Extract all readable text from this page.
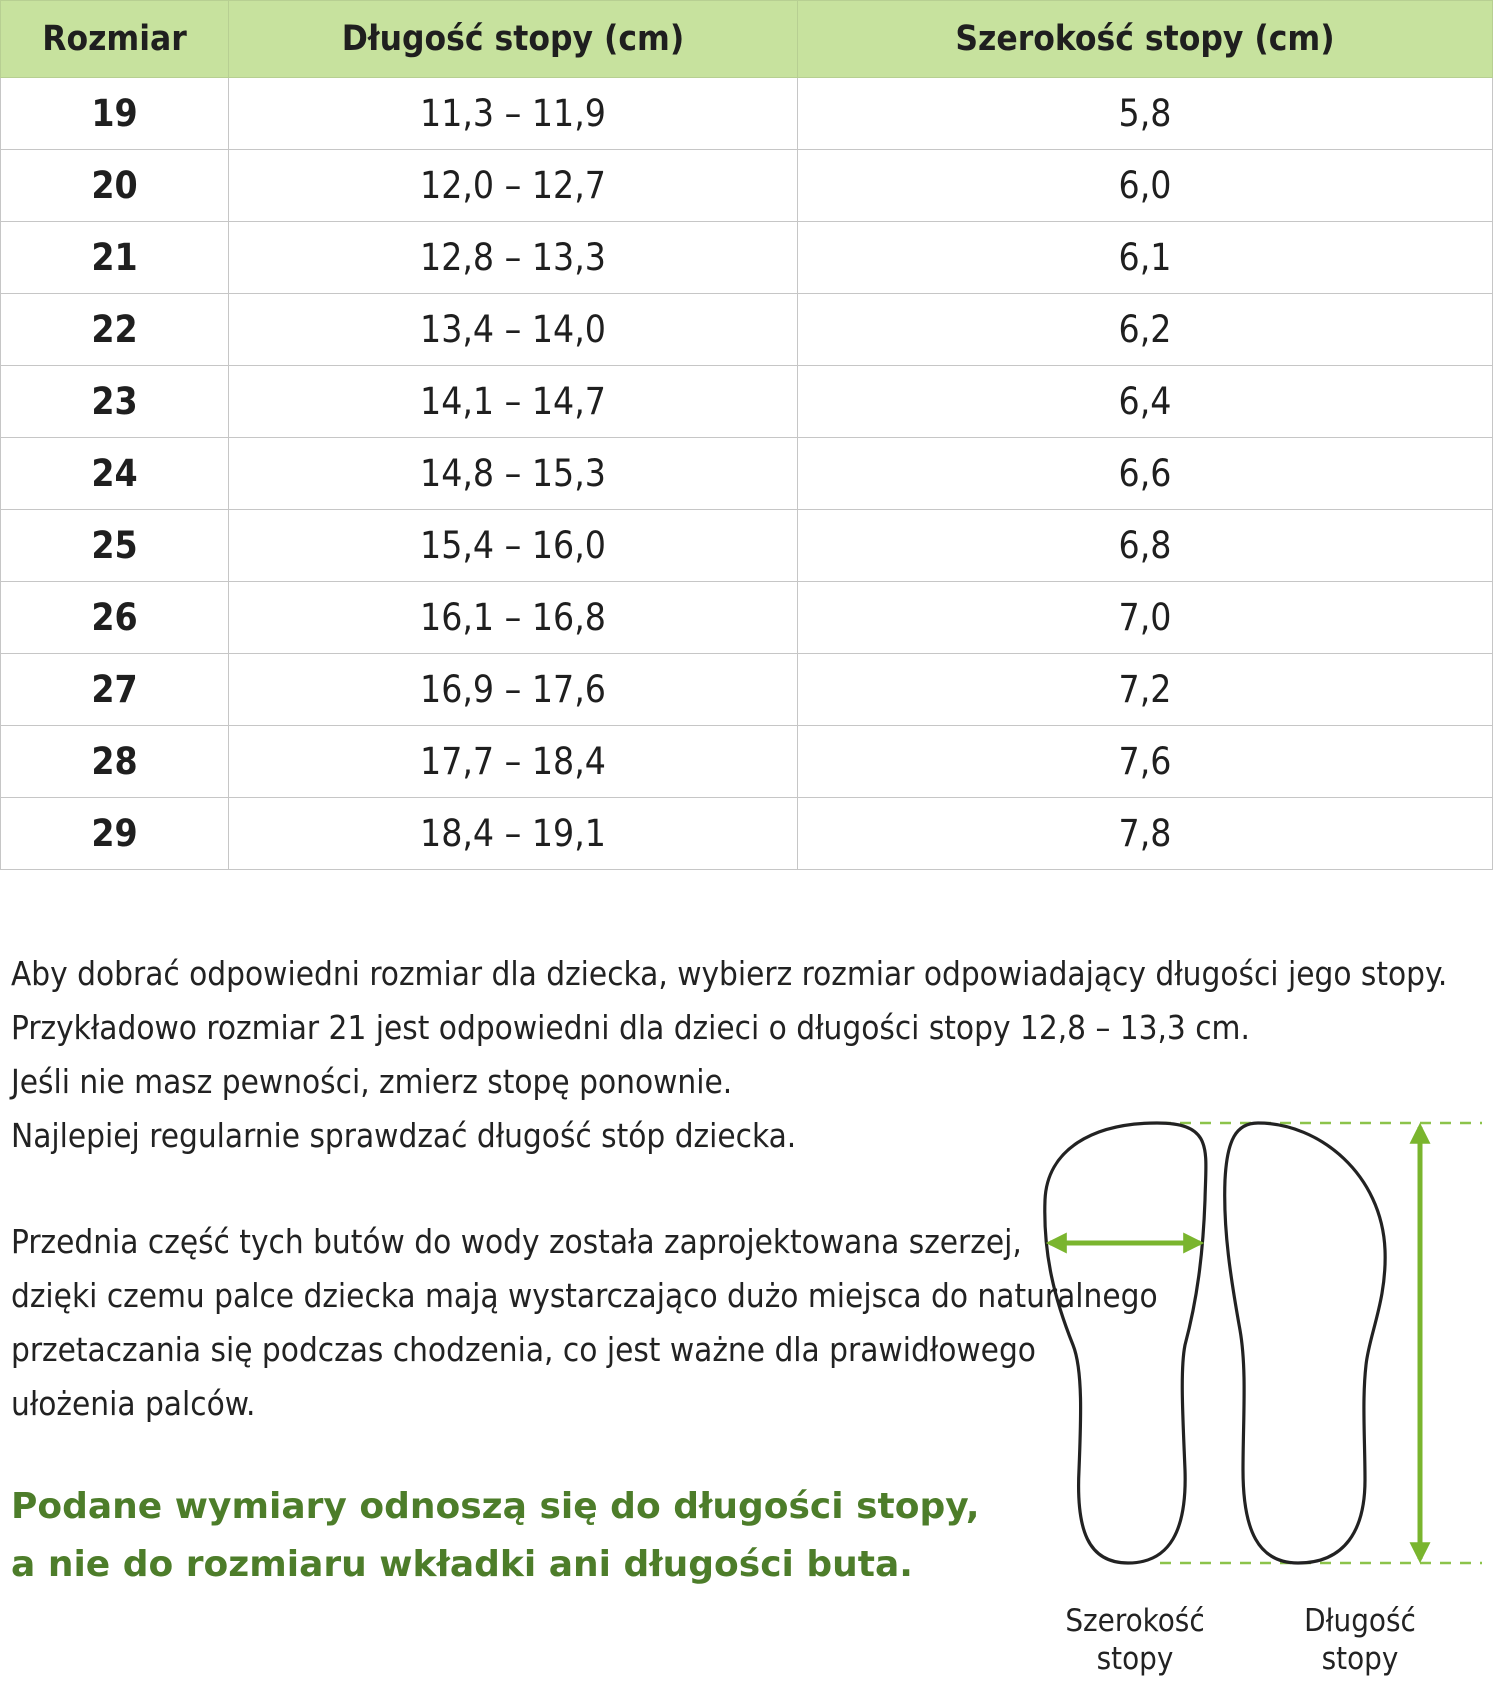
Rozmiar	Długość stopy (cm)	Szerokość stopy (cm)
19	11,3 – 11,9	5,8
20	12,0 – 12,7	6,0
21	12,8 – 13,3	6,1
22	13,4 – 14,0	6,2
23	14,1 – 14,7	6,4
24	14,8 – 15,3	6,6
25	15,4 – 16,0	6,8
26	16,1 – 16,8	7,0
27	16,9 – 17,6	7,2
28	17,7 – 18,4	7,6
29	18,4 – 19,1	7,8

Aby dobrać odpowiedni rozmiar dla dziecka, wybierz rozmiar odpowiadający długości jego stopy.
Przykładowo rozmiar 21 jest odpowiedni dla dzieci o długości stopy 12,8 – 13,3 cm.
Jeśli nie masz pewności, zmierz stopę ponownie.
Najlepiej regularnie sprawdzać długość stóp dziecka.

Przednia część tych butów do wody została zaprojektowana szerzej,
dzięki czemu palce dziecka mają wystarczająco dużo miejsca do naturalnego
przetaczania się podczas chodzenia, co jest ważne dla prawidłowego
ułożenia palców.

Podane wymiary odnoszą się do długości stopy,
a nie do rozmiaru wkładki ani długości buta.

Szerokość
stopy
Długość
stopy
